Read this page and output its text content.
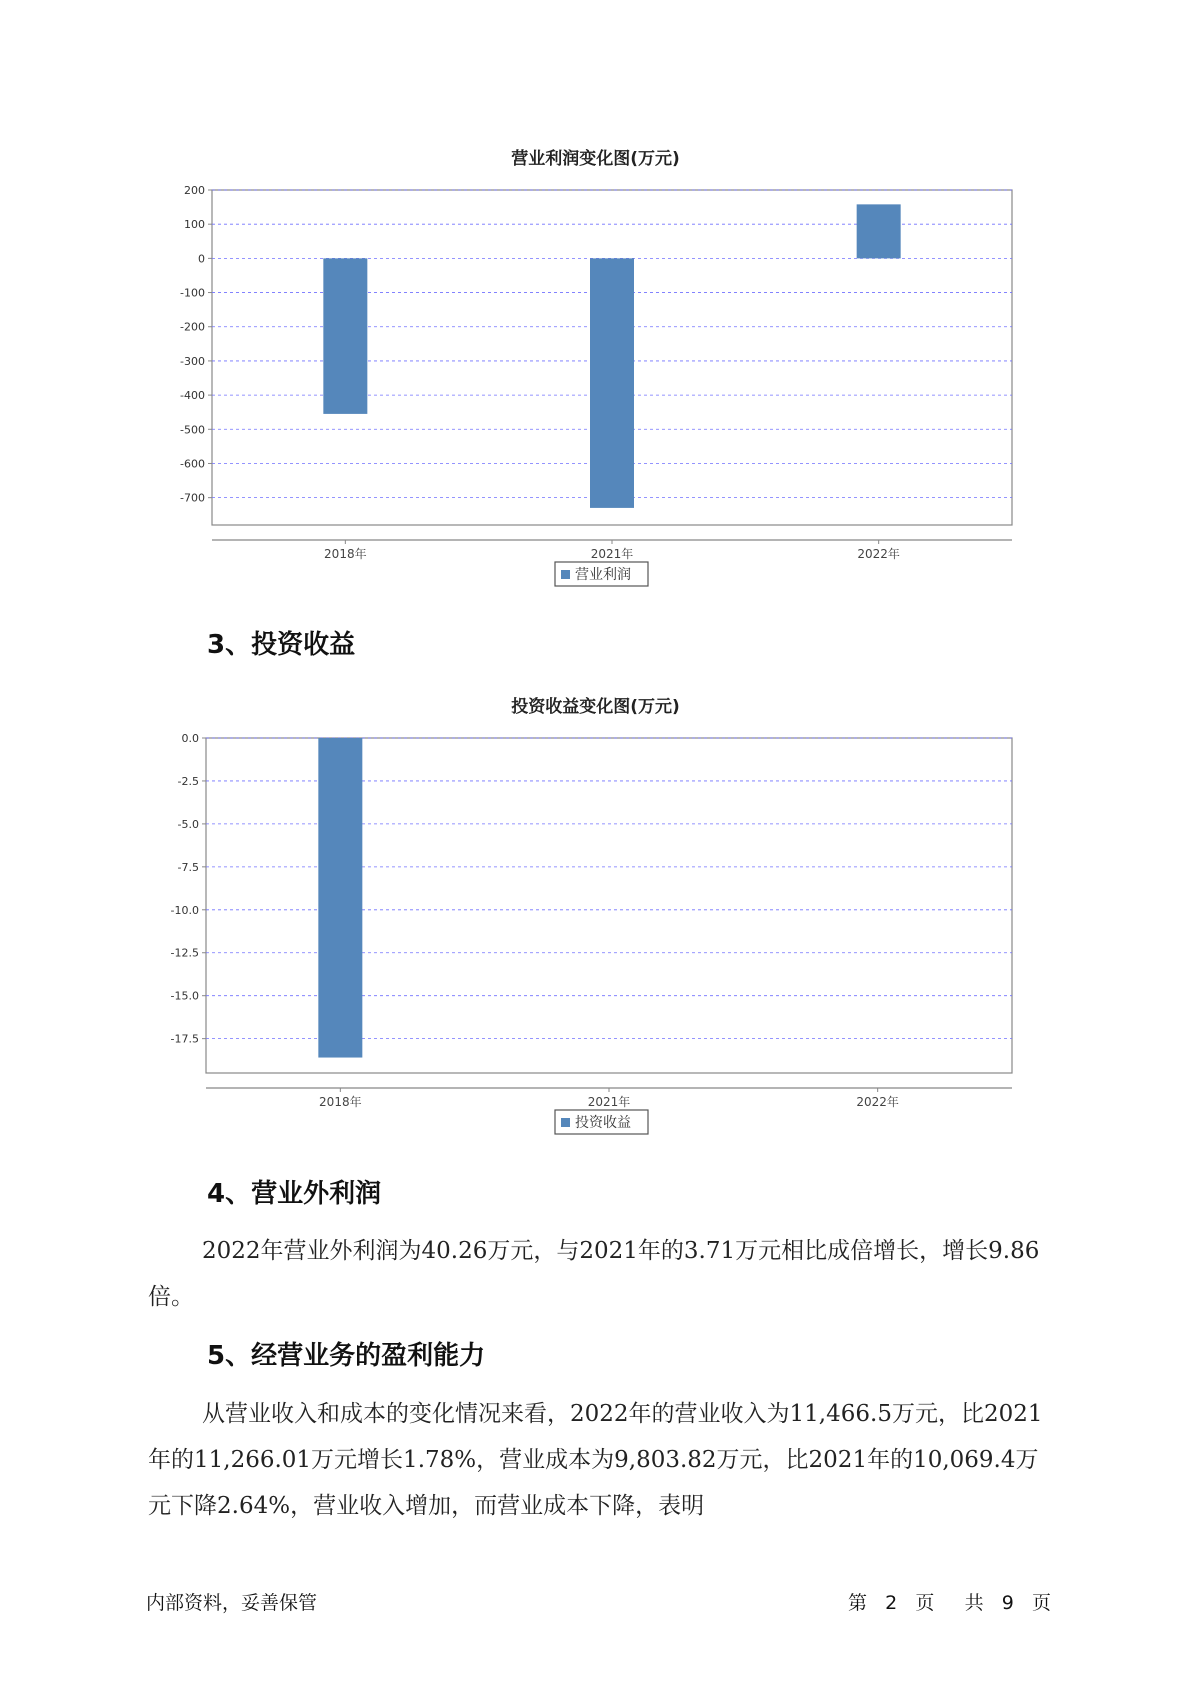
营业利润变化图(万元)
200
100
0
-100
-200
-300
-400
-500
-600
-700
2018年	2021年	2022年
营业利润
3、投资收益
投资收益变化图(万元)
0.0
-2.5
-5.0
-7.5
-10.0
-12.5
-15.0
-17.5
2018年	2021年	2022年
投资收益
4、营业外利润

2022年营业外利润为40.26万元，与2021年的3.71万元相比成倍增长，增长9.86倍。

5、经营业务的盈利能力

从营业收入和成本的变化情况来看，2022年的营业收入为11,466.5万元，比2021年的11,266.01万元增长1.78%，营业成本为9,803.82万元，比2021年的10,069.4万元下降2.64%，营业收入增加，而营业成本下降，表明

内部资料，妥善保管	第 2 页 共 9 页
